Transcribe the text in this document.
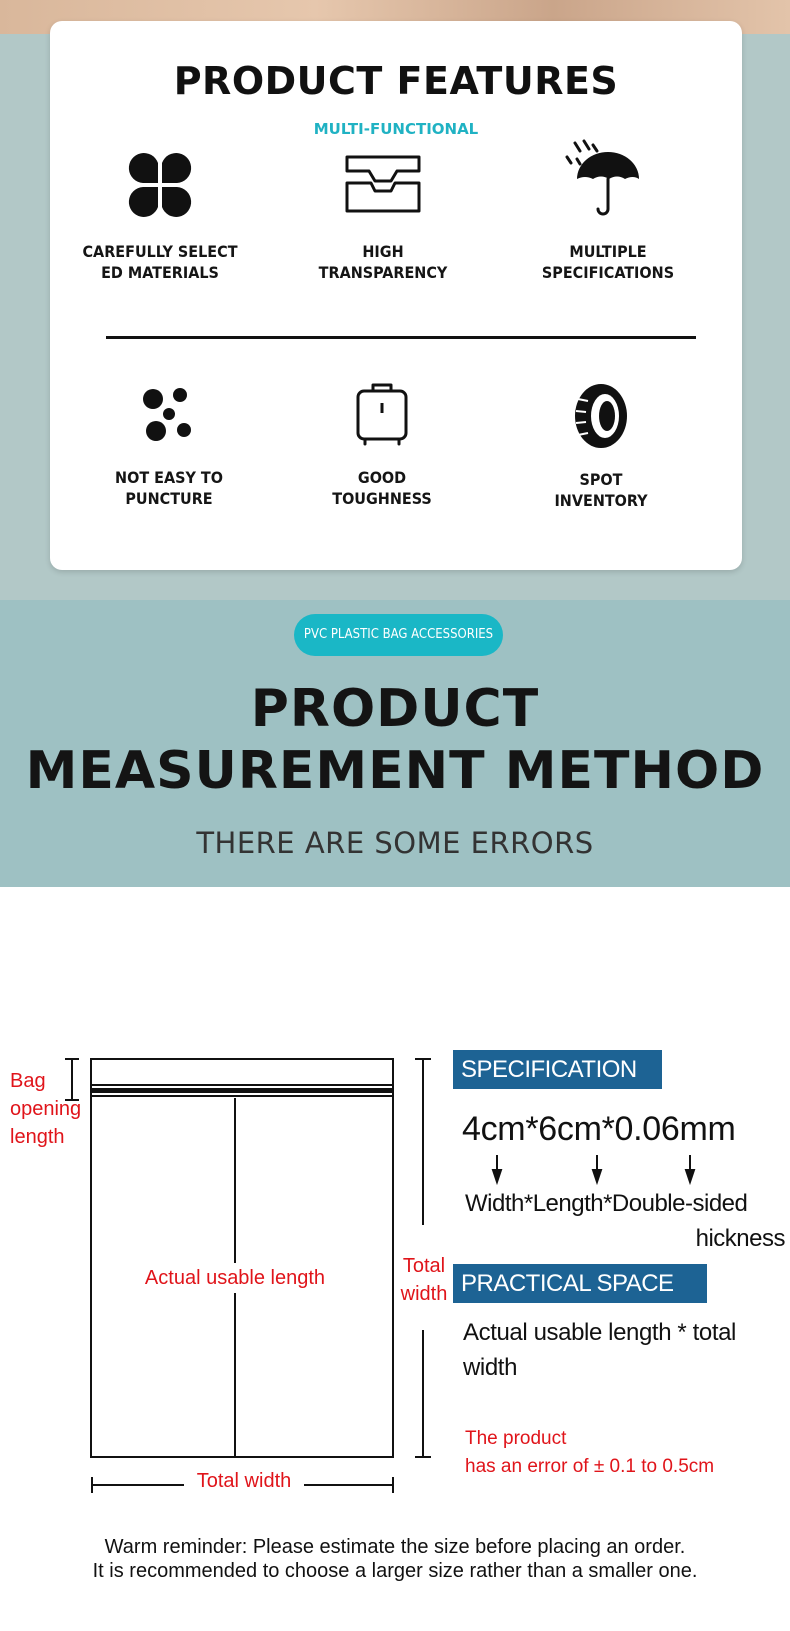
PRODUCT FEATURES
MULTI-FUNCTIONAL
CAREFULLY SELECT
ED MATERIALS
HIGH
TRANSPARENCY
MULTIPLE
SPECIFICATIONS
NOT EASY TO
PUNCTURE
GOOD
TOUGHNESS
SPOT
INVENTORY
PVC PLASTIC BAG ACCESSORIES
PRODUCT
MEASUREMENT METHOD
THERE ARE SOME ERRORS
Bag
opening
length
Actual usable length
Total
width
Total width
SPECIFICATION
4cm*6cm*0.06mm
Width*Length*Double-sided
hickness
PRACTICAL SPACE
Actual usable length * total width
The product
has an error of ± 0.1 to 0.5cm
Warm reminder: Please estimate the size before placing an order.
It is recommended to choose a larger size rather than a smaller one.
